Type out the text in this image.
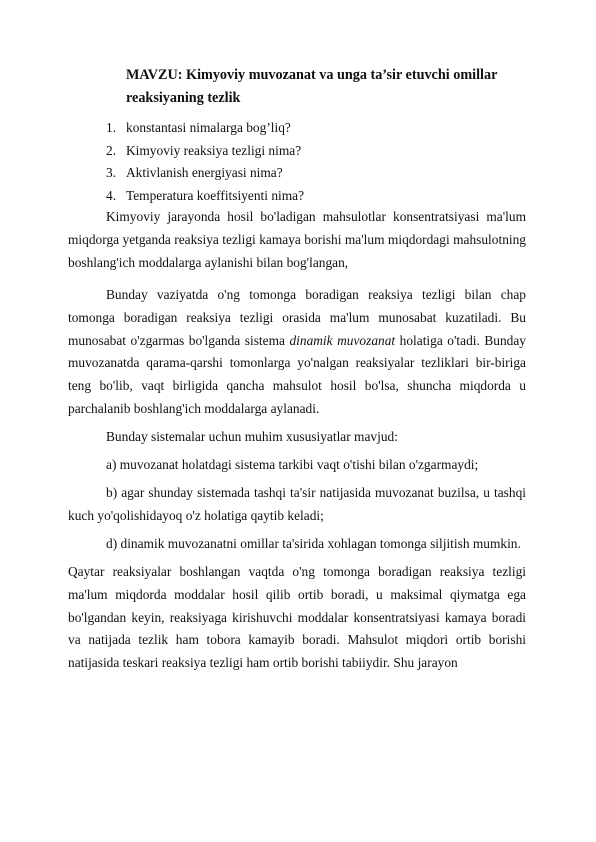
MAVZU: Kimyoviy muvozanat va unga ta’sir etuvchi omillar reaksiyaning tezlik
1. konstantasi nimalarga bog’liq?
2. Kimyoviy reaksiya tezligi nima?
3. Aktivlanish energiyasi nima?
4. Temperatura koeffitsiyenti nima?

Kimyoviy jarayonda hosil bo'ladigan mahsulotlar konsentratsiyasi ma'lum miqdorga yetganda reaksiya tezligi kamaya borishi ma'lum miqdordagi mahsulotning boshlang'ich moddalarga aylanishi bilan bog'langan,

Bunday vaziyatda o'ng tomonga boradigan reaksiya tezligi bilan chap tomonga boradigan reaksiya tezligi orasida ma'lum munosabat kuzatiladi. Bu munosabat o'zgarmas bo'lganda sistema dinamik muvozanat holatiga o'tadi. Bunday muvozanatda qarama-qarshi tomonlarga yo'nalgan reaksiyalar tezliklari bir-biriga teng bo'lib, vaqt birligida qancha mahsulot hosil bo'lsa, shuncha miqdorda u parchalanib boshlang'ich moddalarga aylanadi.

Bunday sistemalar uchun muhim xususiyatlar mavjud:

a) muvozanat holatdagi sistema tarkibi vaqt o'tishi bilan o'zgarmaydi;

b) agar shunday sistemada tashqi ta'sir natijasida muvozanat buzilsa, u tashqi kuch yo'qolishidayoq o'z holatiga qaytib keladi;

d) dinamik muvozanatni omillar ta'sirida xohlagan tomonga siljitish mumkin.

Qaytar reaksiyalar boshlangan vaqtda o'ng tomonga boradigan reaksiya tezligi ma'lum miqdorda moddalar hosil qilib ortib boradi, u maksimal qiymatga ega bo'lgandan keyin, reaksiyaga kirishuvchi moddalar konsentratsiyasi kamaya boradi va natijada tezlik ham tobora kamayib boradi. Mahsulot miqdori ortib borishi natijasida teskari reaksiya tezligi ham ortib borishi tabiiydir. Shu jarayon
